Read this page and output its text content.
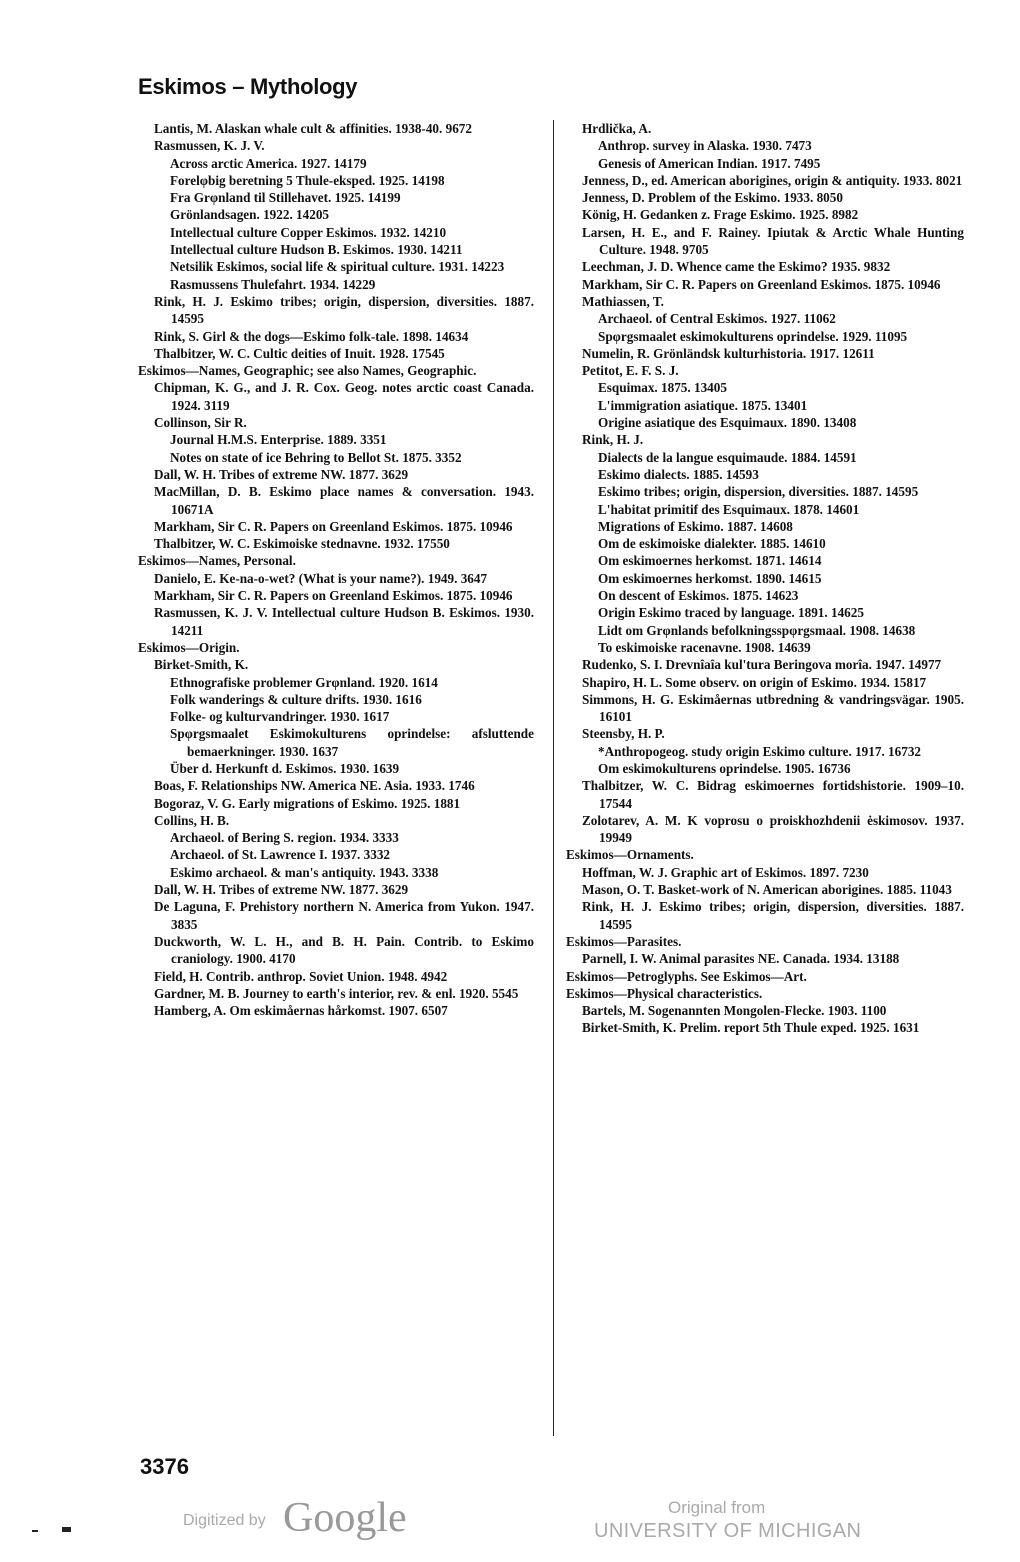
Eskimos – Mythology

Lantis, M. Alaskan whale cult & affinities. 1938-40. 9672

Rasmussen, K. J. V.

Across arctic America. 1927. 14179

Forelφbig beretning 5 Thule-eksped. 1925. 14198

Fra Grφnland til Stillehavet. 1925. 14199

Grönlandsagen. 1922. 14205

Intellectual culture Copper Eskimos. 1932. 14210

Intellectual culture Hudson B. Eskimos. 1930. 14211

Netsilik Eskimos, social life & spiritual culture. 1931. 14223

Rasmussens Thulefahrt. 1934. 14229

Rink, H. J. Eskimo tribes; origin, dispersion, diversities. 1887. 14595

Rink, S. Girl & the dogs—Eskimo folk-tale. 1898. 14634

Thalbitzer, W. C. Cultic deities of Inuit. 1928. 17545

Eskimos—Names, Geographic; see also Names, Geographic.

Chipman, K. G., and J. R. Cox. Geog. notes arctic coast Canada. 1924. 3119

Collinson, Sir R.

Journal H.M.S. Enterprise. 1889. 3351

Notes on state of ice Behring to Bellot St. 1875. 3352

Dall, W. H. Tribes of extreme NW. 1877. 3629

MacMillan, D. B. Eskimo place names & conversation. 1943. 10671A

Markham, Sir C. R. Papers on Greenland Eskimos. 1875. 10946

Thalbitzer, W. C. Eskimoiske stednavne. 1932. 17550

Eskimos—Names, Personal.

Danielo, E. Ke-na-o-wet? (What is your name?). 1949. 3647

Markham, Sir C. R. Papers on Greenland Eskimos. 1875. 10946

Rasmussen, K. J. V. Intellectual culture Hudson B. Eskimos. 1930. 14211

Eskimos—Origin.

Birket-Smith, K.

Ethnografiske problemer Grφnland. 1920. 1614

Folk wanderings & culture drifts. 1930. 1616

Folke- og kulturvandringer. 1930. 1617

Spφrgsmaalet Eskimokulturens oprindelse: afsluttende bemaerkninger. 1930. 1637

Über d. Herkunft d. Eskimos. 1930. 1639

Boas, F. Relationships NW. America NE. Asia. 1933. 1746

Bogoraz, V. G. Early migrations of Eskimo. 1925. 1881

Collins, H. B.

Archaeol. of Bering S. region. 1934. 3333

Archaeol. of St. Lawrence I. 1937. 3332

Eskimo archaeol. & man's antiquity. 1943. 3338

Dall, W. H. Tribes of extreme NW. 1877. 3629

De Laguna, F. Prehistory northern N. America from Yukon. 1947. 3835

Duckworth, W. L. H., and B. H. Pain. Contrib. to Eskimo craniology. 1900. 4170

Field, H. Contrib. anthrop. Soviet Union. 1948. 4942

Gardner, M. B. Journey to earth's interior, rev. & enl. 1920. 5545

Hamberg, A. Om eskimåernas hårkomst. 1907. 6507

Hrdlička, A.

Anthrop. survey in Alaska. 1930. 7473

Genesis of American Indian. 1917. 7495

Jenness, D., ed. American aborigines, origin & antiquity. 1933. 8021

Jenness, D. Problem of the Eskimo. 1933. 8050

König, H. Gedanken z. Frage Eskimo. 1925. 8982

Larsen, H. E., and F. Rainey. Ipiutak & Arctic Whale Hunting Culture. 1948. 9705

Leechman, J. D. Whence came the Eskimo? 1935. 9832

Markham, Sir C. R. Papers on Greenland Eskimos. 1875. 10946

Mathiassen, T.

Archaeol. of Central Eskimos. 1927. 11062

Spφrgsmaalet eskimokulturens oprindelse. 1929. 11095

Numelin, R. Grönländsk kulturhistoria. 1917. 12611

Petitot, E. F. S. J.

Esquimax. 1875. 13405

L'immigration asiatique. 1875. 13401

Origine asiatique des Esquimaux. 1890. 13408

Rink, H. J.

Dialects de la langue esquimaude. 1884. 14591

Eskimo dialects. 1885. 14593

Eskimo tribes; origin, dispersion, diversities. 1887. 14595

L'habitat primitif des Esquimaux. 1878. 14601

Migrations of Eskimo. 1887. 14608

Om de eskimoiske dialekter. 1885. 14610

Om eskimoernes herkomst. 1871. 14614

Om eskimoernes herkomst. 1890. 14615

On descent of Eskimos. 1875. 14623

Origin Eskimo traced by language. 1891. 14625

Lidt om Grφnlands befolkningsspφrgsmaal. 1908. 14638

To eskimoiske racenavne. 1908. 14639

Rudenko, S. I. Drevnîaîa kul'tura Beringova morîa. 1947. 14977

Shapiro, H. L. Some observ. on origin of Eskimo. 1934. 15817

Simmons, H. G. Eskimåernas utbredning & vandringsvägar. 1905. 16101

Steensby, H. P.

*Anthropogeog. study origin Eskimo culture. 1917. 16732

Om eskimokulturens oprindelse. 1905. 16736

Thalbitzer, W. C. Bidrag eskimoernes fortidshistorie. 1909–10. 17544

Zolotarev, A. M. K voprosu o proiskhozhdenii ėskimosov. 1937. 19949

Eskimos—Ornaments.

Hoffman, W. J. Graphic art of Eskimos. 1897. 7230

Mason, O. T. Basket-work of N. American aborigines. 1885. 11043

Rink, H. J. Eskimo tribes; origin, dispersion, diversities. 1887. 14595

Eskimos—Parasites.

Parnell, I. W. Animal parasites NE. Canada. 1934. 13188

Eskimos—Petroglyphs. See Eskimos—Art.

Eskimos—Physical characteristics.

Bartels, M. Sogenannten Mongolen-Flecke. 1903. 1100

Birket-Smith, K. Prelim. report 5th Thule exped. 1925. 1631

3376
Digitized by Google	Original from
UNIVERSITY OF MICHIGAN
